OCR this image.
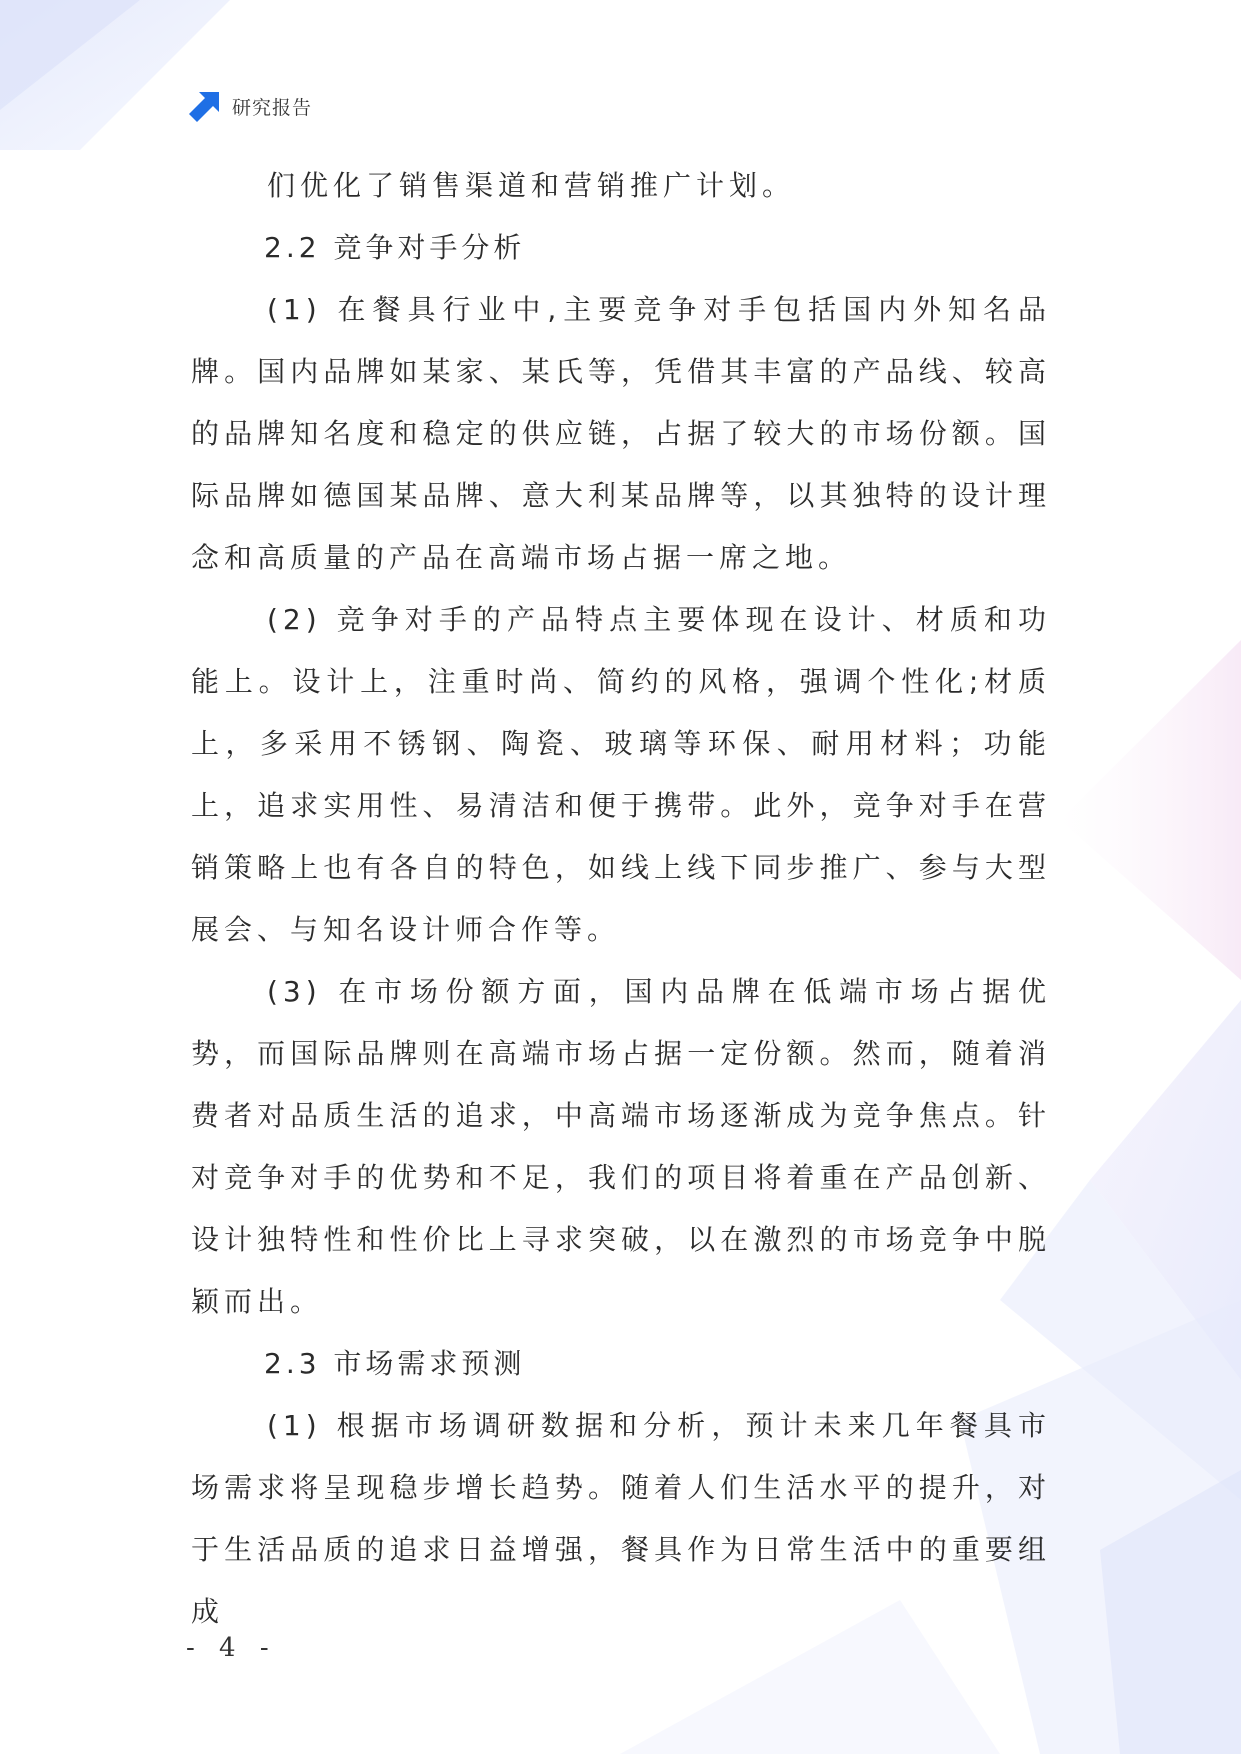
研究报告

们优化了销售渠道和营销推广计划。

2.2 竞争对手分析

(1) 在餐具行业中,主要竞争对手包括国内外知名品牌。国内品牌如某家、某氏等，凭借其丰富的产品线、较高的品牌知名度和稳定的供应链，占据了较大的市场份额。国际品牌如德国某品牌、意大利某品牌等，以其独特的设计理念和高质量的产品在高端市场占据一席之地。

(2) 竞争对手的产品特点主要体现在设计、材质和功能上。设计上，注重时尚、简约的风格，强调个性化;材质上，多采用不锈钢、陶瓷、玻璃等环保、耐用材料；功能上，追求实用性、易清洁和便于携带。此外，竞争对手在营销策略上也有各自的特色，如线上线下同步推广、参与大型展会、与知名设计师合作等。

(3) 在市场份额方面，国内品牌在低端市场占据优势，而国际品牌则在高端市场占据一定份额。然而，随着消费者对品质生活的追求，中高端市场逐渐成为竞争焦点。针对竞争对手的优势和不足，我们的项目将着重在产品创新、设计独特性和性价比上寻求突破，以在激烈的市场竞争中脱颖而出。

2.3 市场需求预测

(1) 根据市场调研数据和分析，预计未来几年餐具市场需求将呈现稳步增长趋势。随着人们生活水平的提升，对于生活品质的追求日益增强，餐具作为日常生活中的重要组成

- 4 -
